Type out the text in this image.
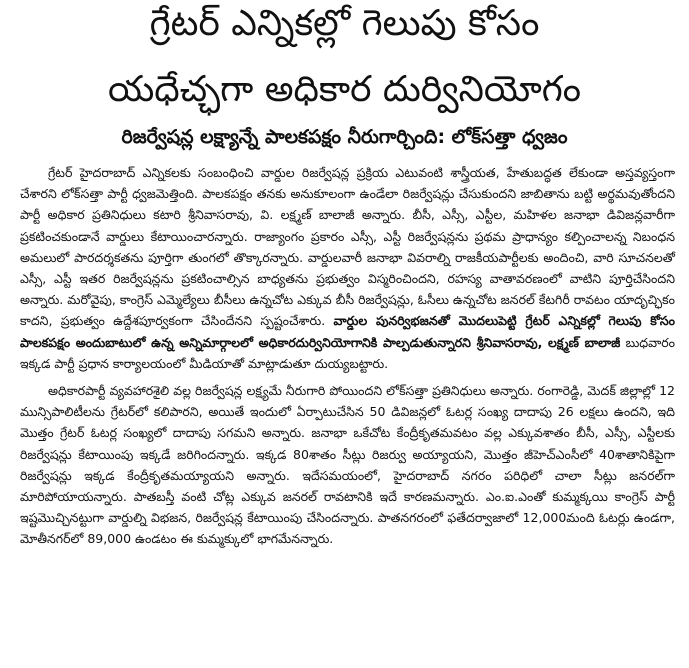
గ్రేటర్ ఎన్నికల్లో గెలుపు కోసం
యధేచ్ఛగా అధికార దుర్వినియోగం
రిజర్వేషన్ల లక్ష్యాన్నే పాలకపక్షం నీరుగార్చింది: లోక్‌సత్తా ధ్వజం

గ్రేటర్ హైదరాబాద్ ఎన్నికలకు సంబంధించి వార్డుల రిజర్వేషన్ల ప్రక్రియ ఎటువంటి శాస్త్రీయత, హేతుబద్ధత లేకుండా అస్తవ్యస్తంగా చేశారని లోక్‌సత్తా పార్టీ ధ్వజమెత్తింది. పాలకపక్షం తనకు అనుకూలంగా ఉండేలా రిజర్వేషన్లు చేసుకుందని జాబితాను బట్టి అర్థమవుతోందని పార్టీ అధికార ప్రతినిధులు కటారి శ్రీనివాసరావు, వి. లక్ష్మణ్ బాలాజీ అన్నారు. బీసీ, ఎస్సీ, ఎస్టీల, మహిళల జనాభా డివిజన్లవారీగా ప్రకటించకుండానే వార్డులు కేటాయించారన్నారు. రాజ్యాంగం ప్రకారం ఎస్సీ, ఎస్టీ రిజర్వేషన్లను ప్రథమ ప్రాధాన్యం కల్పించాలన్న నిబంధన అమలులో పారదర్శకతను పూర్తిగా తుంగలో తొక్కారన్నారు. వార్డులవారీ జనాభా వివరాల్ని రాజకీయపార్టీలకు అందించి, వారి సూచనలతో ఎస్సీ, ఎస్టీ ఇతర రిజర్వేషన్లను ప్రకటించాల్సిన బాధ్యతను ప్రభుత్వం విస్మరించిందని, రహస్య వాతావరణంలో వాటిని పూర్తిచేసిందని అన్నారు. మరోవైపు, కాంగ్రెస్ ఎమ్మెల్యేలు బీసీలు ఉన్నచోట ఎక్కువ బీసీ రిజర్వేషన్లు, ఓసీలు ఉన్నచోట జనరల్ కేటగిరీ రావటం యాదృచ్ఛికం కాదని, ప్రభుత్వం ఉద్దేశపూర్వకంగా చేసిందేనని స్పష్టంచేశారు. వార్డుల పునర్విభజనతో మొదలుపెట్టి గ్రేటర్ ఎన్నికల్లో గెలుపు కోసం పాలకపక్షం అందుబాటులో ఉన్న అన్నిమార్గాలలో అధికారదుర్వినియోగానికి పాల్పడుతున్నారని శ్రీనివాసరావు, లక్ష్మణ్ బాలాజీ బుధవారం ఇక్కడ పార్టీ ప్రధాన కార్యాలయంలో మీడియాతో మాట్లాడుతూ దుయ్యబట్టారు.

అధికారపార్టీ వ్యవహారశైలి వల్ల రిజర్వేషన్ల లక్ష్యమే నీరుగారి పోయిందని లోక్‌సత్తా ప్రతినిధులు అన్నారు. రంగారెడ్డి, మెదక్ జిల్లాల్లో 12 మున్సిపాలిటీలను గ్రేటర్‌లో కలిపారని, అయితే ఇందులో ఏర్పాటుచేసిన 50 డివిజన్లలో ఓటర్ల సంఖ్య దాదాపు 26 లక్షలు ఉందని, ఇది మొత్తం గ్రేటర్ ఓటర్ల సంఖ్యలో దాదాపు సగమని అన్నారు. జనాభా ఒకేచోట కేంద్రీకృతమవటం వల్ల ఎక్కువశాతం బీసీ, ఎస్సీ, ఎస్టీలకు రిజర్వేషన్లు కేటాయింపు ఇక్కడే జరిగిందన్నారు. ఇక్కడ 80శాతం సీట్లు రిజర్వు అయ్యాయని, మొత్తం జీహెచ్ఎంసీలో 40శాతానికిపైగా రిజర్వేషన్లు ఇక్కడ కేంద్రీకృతమయ్యాయని అన్నారు. ఇదేసమయంలో, హైదరాబాద్ నగరం పరిధిలో చాలా సీట్లు జనరల్‌గా మారిపోయాయన్నారు. పాతబస్తీ వంటి చోట్ల ఎక్కువ జనరల్ రావటానికి ఇదే కారణమన్నారు. ఎం.ఐ.ఎంతో కుమ్మక్కయి కాంగ్రెస్ పార్టీ ఇష్టమొచ్చినట్టుగా వార్డుల్ని విభజన, రిజర్వేషన్ల కేటాయింపు చేసిందన్నారు. పాతనగరంలో ఫతేదర్వాజాలో 12,000మంది ఓటర్లు ఉండగా, మోతీనగర్‌లో 89,000 ఉండటం ఈ కుమ్మక్కులో భాగమేనన్నారు.
